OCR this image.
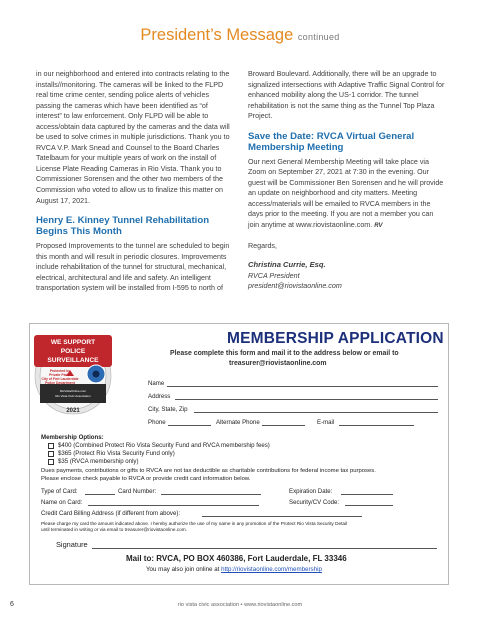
President’s Message continued

in our neighborhood and entered into contracts relating to the installs//monitoring. The cameras will be linked to the FLPD real time crime center, sending police alerts of vehicles passing the cameras which have been identified as “of interest” to law enforcement. Only FLPD will be able to access/obtain data captured by the cameras and the data will be used to solve crimes in multiple jurisdictions. Thank you to RVCA V.P. Mark Snead and Counsel to the Board Charles Tatelbaum for your multiple years of work on the install of License Plate Reading Cameras in Rio Vista. Thank you to Commissioner Sorensen and the other two members of the Commission who voted to allow us to finalize this matter on August 17, 2021.

Henry E. Kinney Tunnel Rehabilitation Begins This Month

Proposed Improvements to the tunnel are scheduled to begin this month and will result in periodic closures. Improvements include rehabilitation of the tunnel for structural, mechanical, electrical, architectural and life and safety. An intelligent transportation system will be installed from I-595 to north of

Broward Boulevard. Additionally, there will be an upgrade to signalized intersections with Adaptive Traffic Signal Control for enhanced mobility along the US-1 corridor. The tunnel rehabilitation is not the same thing as the Tunnel Top Plaza Project.

Save the Date: RVCA Virtual General Membership Meeting

Our next General Membership Meeting will take place via Zoom on September 27, 2021 at 7:30 in the evening. Our guest will be Commissioner Ben Sorensen and he will provide an update on neighborhood and city matters. Meeting access/materials will be emailed to RVCA members in the days prior to the meeting. If you are not a member you can join anytime at www.riovistaonline.com. RV

Regards,

Christina Currie, Esq.
RVCA President
president@riovistaonline.com
WE SUPPORT
POLICE
SURVEILLANCE
Protected by
Private Patrol
City of Fort Lauderdale
Police Department
RioVistaOnline.com
Rio Vista Civic Association
2021
MEMBERSHIP APPLICATION
Please complete this form and mail it to the address below or email to
treasurer@riovistaonline.com
Name
Address
City, State, Zip
Phone	Alternate Phone	E-mail
Membership Options:
$400 (Combined Protect Rio Vista Security Fund and RVCA membership fees)
$365 (Protect Rio Vista Security Fund only)
$35 (RVCA membership only)
Dues payments, contributions or gifts to RVCA are not tax deductible as charitable contributions for federal income tax purposes.
Please enclose check payable to RVCA or provide credit card information below.
Type of Card:	Card Number:	Expiration Date:
Name on Card:	Security/CV Code:
Credit Card Billing Address (if different from above):
Please charge my card the amount indicated above. I hereby authorize the use of my name in any promotion of the Protect Rio Vista Security Detail
until terminated in writing or via email to treasurer@riovistaonline.com.
Signature
Mail to: RVCA, PO BOX 460386, Fort Lauderdale, FL 33346
You may also join online at http://riovistaonline.com/membership
6	rio vista civic association • www.riovistaonline.com
